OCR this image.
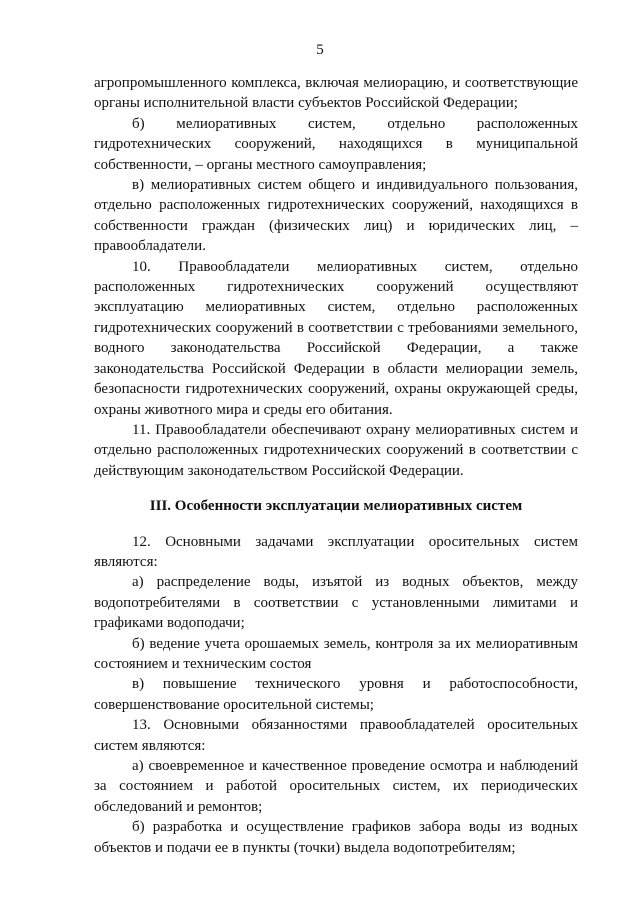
5

агропромышленного комплекса, включая мелиорацию, и соответствующие органы исполнительной власти субъектов Российской Федерации;

б) мелиоративных систем, отдельно расположенных гидротехнических сооружений, находящихся в муниципальной собственности, – органы местного самоуправления;

в) мелиоративных систем общего и индивидуального пользования, отдельно расположенных гидротехнических сооружений, находящихся в собственности граждан (физических лиц) и юридических лиц, – правообладатели.

10. Правообладатели мелиоративных систем, отдельно расположенных гидротехнических сооружений осуществляют эксплуатацию мелиоративных систем, отдельно расположенных гидротехнических сооружений в соответствии с требованиями земельного, водного законодательства Российской Федерации, а также законодательства Российской Федерации в области мелиорации земель, безопасности гидротехнических сооружений, охраны окружающей среды, охраны животного мира и среды его обитания.

11. Правообладатели обеспечивают охрану мелиоративных систем и отдельно расположенных гидротехнических сооружений в соответствии с действующим законодательством Российской Федерации.

III. Особенности эксплуатации мелиоративных систем

12. Основными задачами эксплуатации оросительных систем являются:

а) распределение воды, изъятой из водных объектов, между водопотребителями в соответствии с установленными лимитами и графиками водоподачи;

б) ведение учета орошаемых земель, контроля за их мелиоративным состоянием и техническим состоя

в) повышение технического уровня и работоспособности, совершенствование оросительной системы;

13. Основными обязанностями правообладателей оросительных систем являются:

а) своевременное и качественное проведение осмотра и наблюдений за состоянием и работой оросительных систем, их периодических обследований и ремонтов;

б) разработка и осуществление графиков забора воды из водных объектов и подачи ее в пункты (точки) выдела водопотребителям;
